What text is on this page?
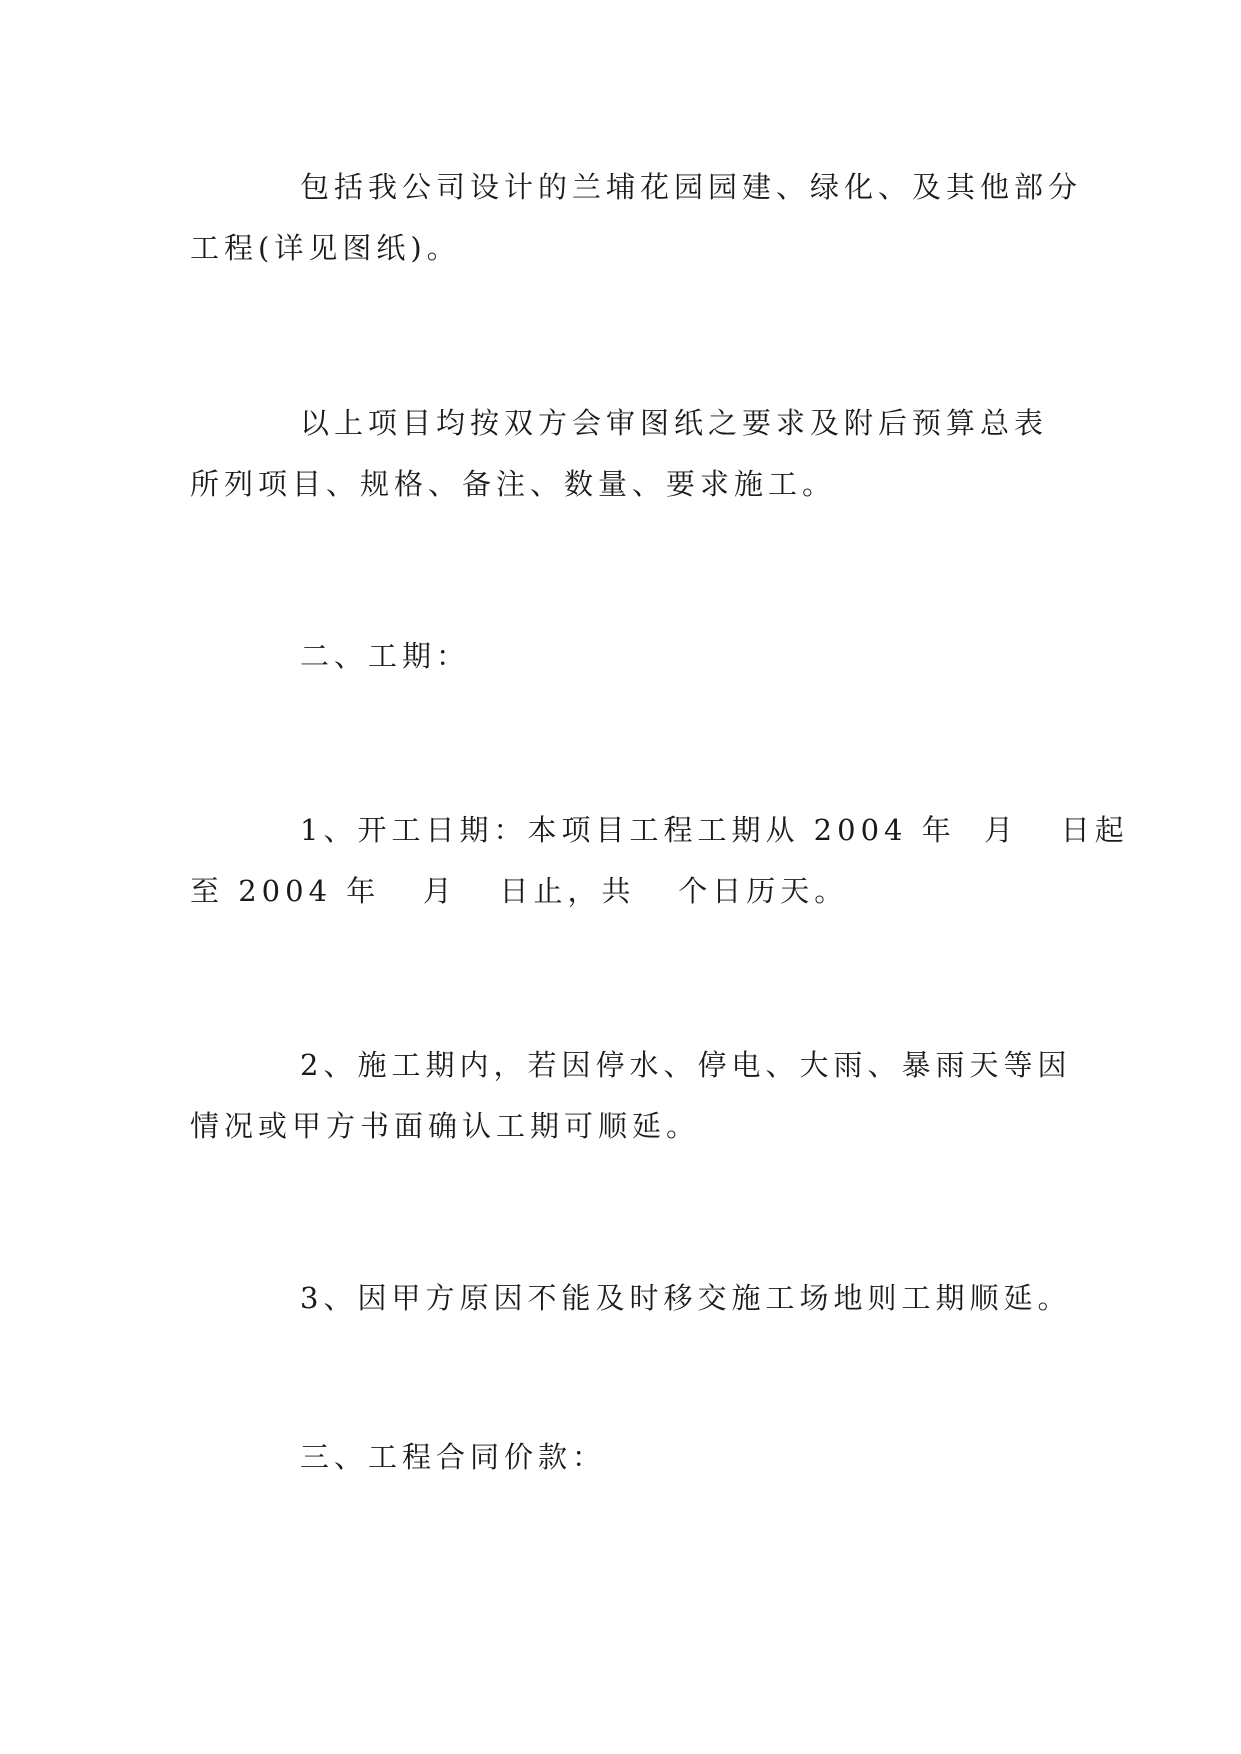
包括我公司设计的兰埔花园园建、绿化、及其他部分
工程(详见图纸)。

以上项目均按双方会审图纸之要求及附后预算总表
所列项目、规格、备注、数量、要求施工。

二、工期：

1、开工日期：本项目工程工期从 2004 年  月   日起
至 2004 年   月   日止，共   个日历天。

2、施工期内，若因停水、停电、大雨、暴雨天等因
情况或甲方书面确认工期可顺延。

3、因甲方原因不能及时移交施工场地则工期顺延。

三、工程合同价款：
